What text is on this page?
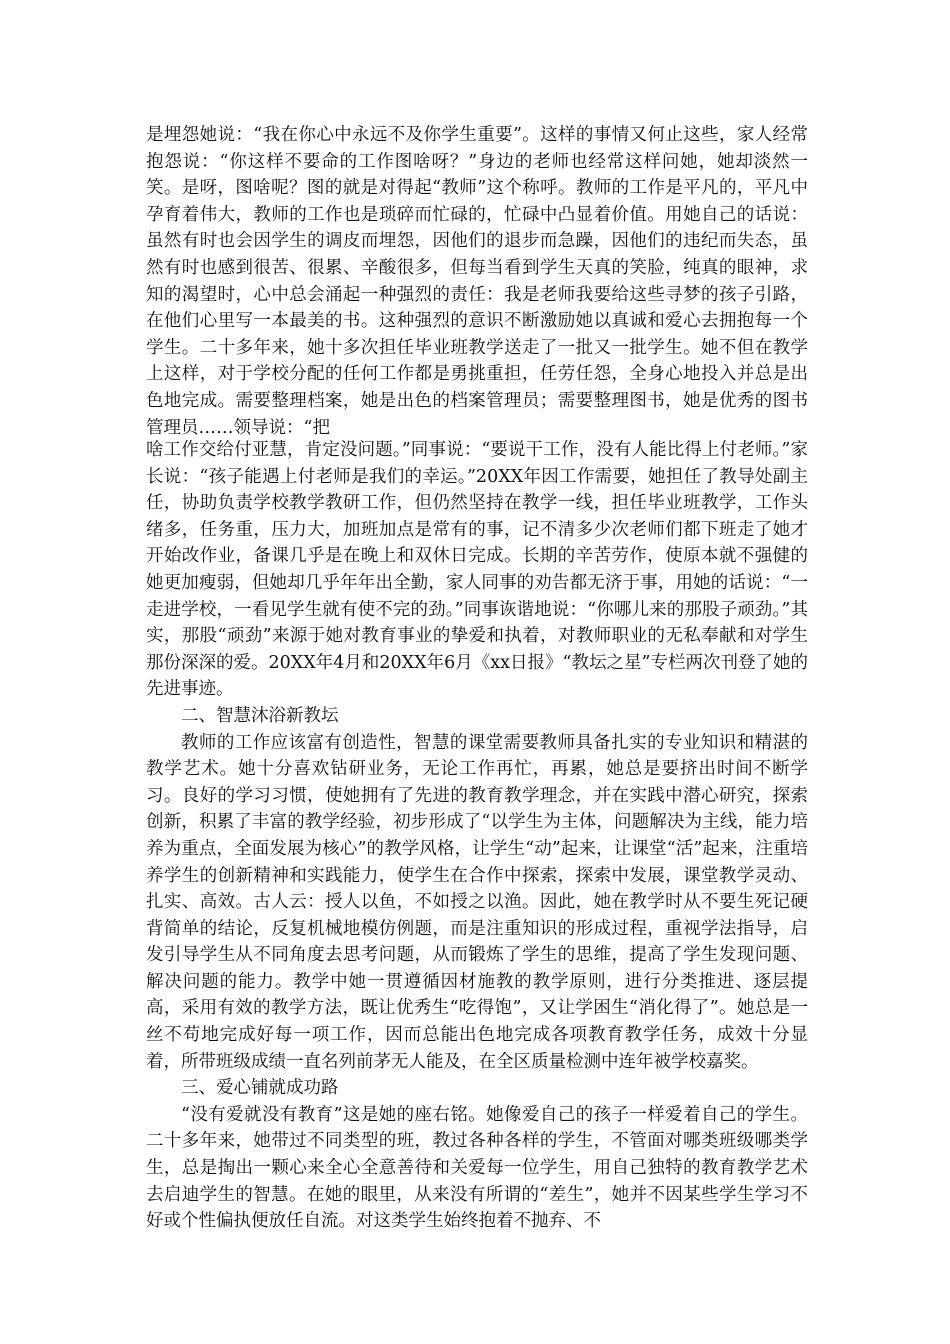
是埋怨她说：“我在你心中永远不及你学生重要”。这样的事情又何止这些，家人经常抱怨说：“你这样不要命的工作图啥呀？”身边的老师也经常这样问她，她却淡然一笑。是呀，图啥呢？图的就是对得起“教师”这个称呼。教师的工作是平凡的，平凡中孕育着伟大，教师的工作也是琐碎而忙碌的，忙碌中凸显着价值。用她自己的话说：虽然有时也会因学生的调皮而埋怨，因他们的退步而急躁，因他们的违纪而失态，虽然有时也感到很苦、很累、辛酸很多，但每当看到学生天真的笑脸，纯真的眼神，求知的渴望时，心中总会涌起一种强烈的责任：我是老师我要给这些寻梦的孩子引路，在他们心里写一本最美的书。这种强烈的意识不断激励她以真诚和爱心去拥抱每一个学生。二十多年来，她十多次担任毕业班教学送走了一批又一批学生。她不但在教学上这样，对于学校分配的任何工作都是勇挑重担，任劳任怨，全身心地投入并总是出色地完成。需要整理档案，她是出色的档案管理员；需要整理图书，她是优秀的图书管理员……领导说：“把

啥工作交给付亚慧，肯定没问题。”同事说：“要说干工作，没有人能比得上付老师。”家长说：“孩子能遇上付老师是我们的幸运。”20XX年因工作需要，她担任了教导处副主任，协助负责学校教学教研工作，但仍然坚持在教学一线，担任毕业班教学，工作头绪多，任务重，压力大，加班加点是常有的事，记不清多少次老师们都下班走了她才开始改作业，备课几乎是在晚上和双休日完成。长期的辛苦劳作，使原本就不强健的她更加瘦弱，但她却几乎年年出全勤，家人同事的劝告都无济于事，用她的话说：“一走进学校，一看见学生就有使不完的劲。”同事诙谐地说：“你哪儿来的那股子顽劲。”其实，那股“顽劲”来源于她对教育事业的挚爱和执着，对教师职业的无私奉献和对学生那份深深的爱。20XX年4月和20XX年6月《xx日报》“教坛之星”专栏两次刊登了她的先进事迹。

二、智慧沐浴新教坛

教师的工作应该富有创造性，智慧的课堂需要教师具备扎实的专业知识和精湛的教学艺术。她十分喜欢钻研业务，无论工作再忙，再累，她总是要挤出时间不断学习。良好的学习习惯，使她拥有了先进的教育教学理念，并在实践中潜心研究，探索创新，积累了丰富的教学经验，初步形成了“以学生为主体，问题解决为主线，能力培养为重点，全面发展为核心”的教学风格，让学生“动”起来，让课堂“活”起来，注重培养学生的创新精神和实践能力，使学生在合作中探索，探索中发展，课堂教学灵动、扎实、高效。古人云：授人以鱼，不如授之以渔。因此，她在教学时从不要生死记硬背简单的结论，反复机械地模仿例题，而是注重知识的形成过程，重视学法指导，启发引导学生从不同角度去思考问题，从而锻炼了学生的思维，提高了学生发现问题、解决问题的能力。教学中她一贯遵循因材施教的教学原则，进行分类推进、逐层提高，采用有效的教学方法，既让优秀生“吃得饱”，又让学困生“消化得了”。她总是一丝不苟地完成好每一项工作，因而总能出色地完成各项教育教学任务，成效十分显着，所带班级成绩一直名列前茅无人能及，在全区质量检测中连年被学校嘉奖。

三、爱心铺就成功路

“没有爱就没有教育”这是她的座右铭。她像爱自己的孩子一样爱着自己的学生。二十多年来，她带过不同类型的班，教过各种各样的学生，不管面对哪类班级哪类学生，总是掏出一颗心来全心全意善待和关爱每一位学生，用自己独特的教育教学艺术去启迪学生的智慧。在她的眼里，从来没有所谓的“差生”，她并不因某些学生学习不好或个性偏执便放任自流。对这类学生始终抱着不抛弃、不
